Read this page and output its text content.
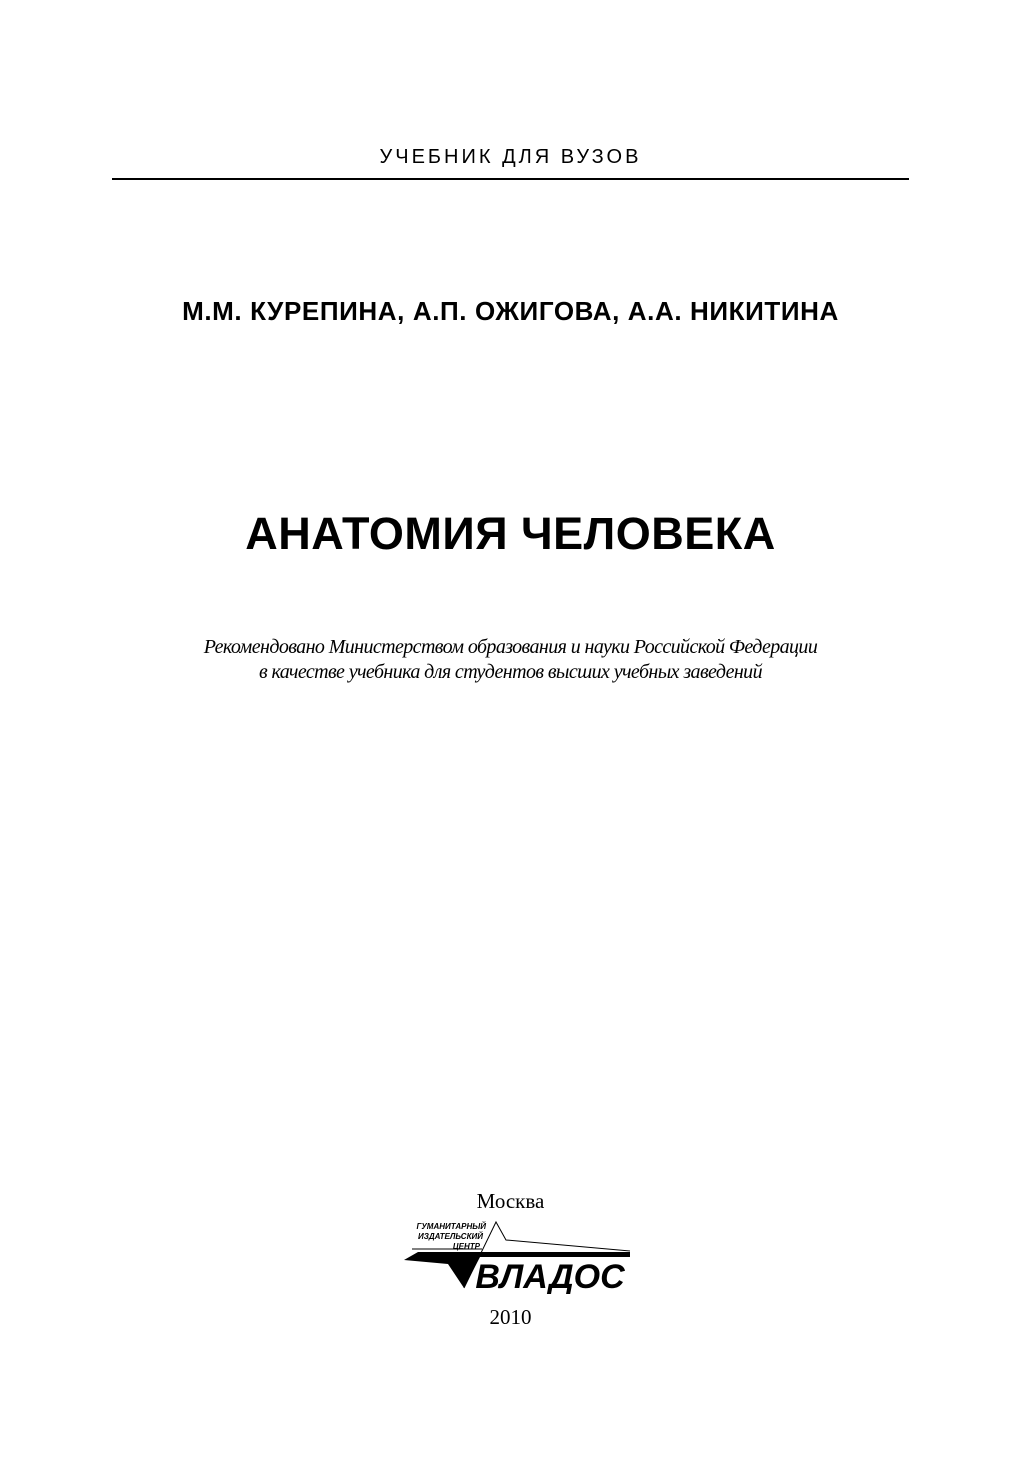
УЧЕБНИК ДЛЯ ВУЗОВ
М.М. КУРЕПИНА, А.П. ОЖИГОВА, А.А. НИКИТИНА
АНАТОМИЯ ЧЕЛОВЕКА
Рекомендовано Министерством образования и науки Российской Федерации
в качестве учебника для студентов высших учебных заведений
Москва
ГУМАНИТАРНЫЙ
ИЗДАТЕЛЬСКИЙ
ЦЕНТР
ВЛАДОС
2010
